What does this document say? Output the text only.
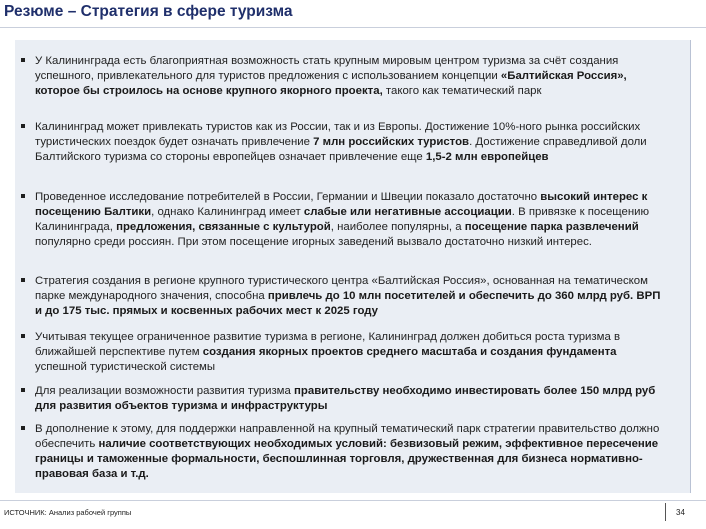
Резюме – Стратегия в сфере туризма
У Калининграда есть благоприятная возможность стать крупным мировым центром туризма за счёт создания успешного, привлекательного для туристов предложения с использованием концепции «Балтийская Россия», которое бы строилось на основе крупного якорного проекта, такого как тематический парк
Калининград может привлекать туристов как из России, так и из Европы. Достижение 10%-ного рынка российских туристических поездок будет означать привлечение 7 млн российских туристов. Достижение справедливой доли Балтийского туризма со стороны европейцев означает привлечение еще 1,5-2 млн европейцев
Проведенное исследование потребителей в России, Германии и Швеции показало достаточно высокий интерес к посещению Балтики, однако Калининград имеет слабые или негативные ассоциации. В привязке к посещению Калининграда, предложения, связанные с культурой, наиболее популярны, а посещение парка развлечений популярно среди россиян. При этом посещение игорных заведений вызвало достаточно низкий интерес.
Стратегия создания в регионе крупного туристического центра «Балтийская Россия», основанная на тематическом парке международного значения, способна привлечь до 10 млн посетителей и обеспечить до 360 млрд руб. ВРП и до 175 тыс. прямых и косвенных рабочих мест к 2025 году
Учитывая текущее ограниченное развитие туризма в регионе, Калининград должен добиться роста туризма в ближайшей перспективе путем создания якорных проектов среднего масштаба и создания фундамента успешной туристической системы
Для реализации возможности развития туризма правительству необходимо инвестировать более 150 млрд руб для развития объектов туризма и инфраструктуры
В дополнение к этому, для поддержки направленной на крупный тематический парк стратегии правительство должно обеспечить наличие соответствующих необходимых условий: безвизовый режим, эффективное пересечение границы и таможенные формальности, беспошлинная торговля, дружественная для бизнеса нормативно-правовая база и т.д.
ИСТОЧНИК: Анализ рабочей группы	34
